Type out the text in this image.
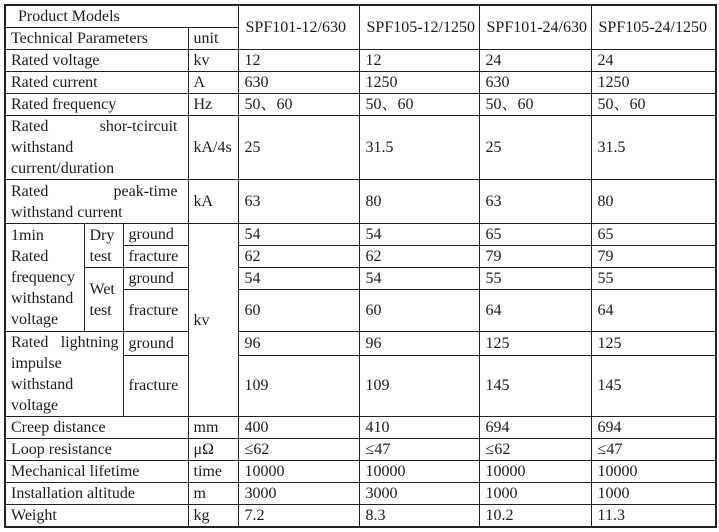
Product Models				SPF101-12/630	SPF105-12/1250	SPF101-24/630	SPF105-24/1250
Technical Parameters			unit				
Rated voltage			kv	12	12	24	24
Rated current			A	630	1250	630	1250
Rated frequency			Hz	50、60	50、60	50、60	50、60

Rated shor-tcircuit
withstand
current/duration			kA/4s	25	31.5	25	31.5

Rated peak-time
withstand current			kA	63	80	63	80
1min Rated frequency withstand voltage	Dry test	ground	kv	54	54	65	65
		fracture		62	62	79	79
	Wet test	ground		54	54	55	55
		fracture		60	60	64	64

Rated lightning
impulse
withstand
voltage		ground		96	96	125	125
		fracture		109	109	145	145
Creep distance			mm	400	410	694	694
Loop resistance			μΩ	≤62	≤47	≤62	≤47
Mechanical lifetime			time	10000	10000	10000	10000
Installation altitude			m	3000	3000	1000	1000
Weight			kg	7.2	8.3	10.2	11.3
